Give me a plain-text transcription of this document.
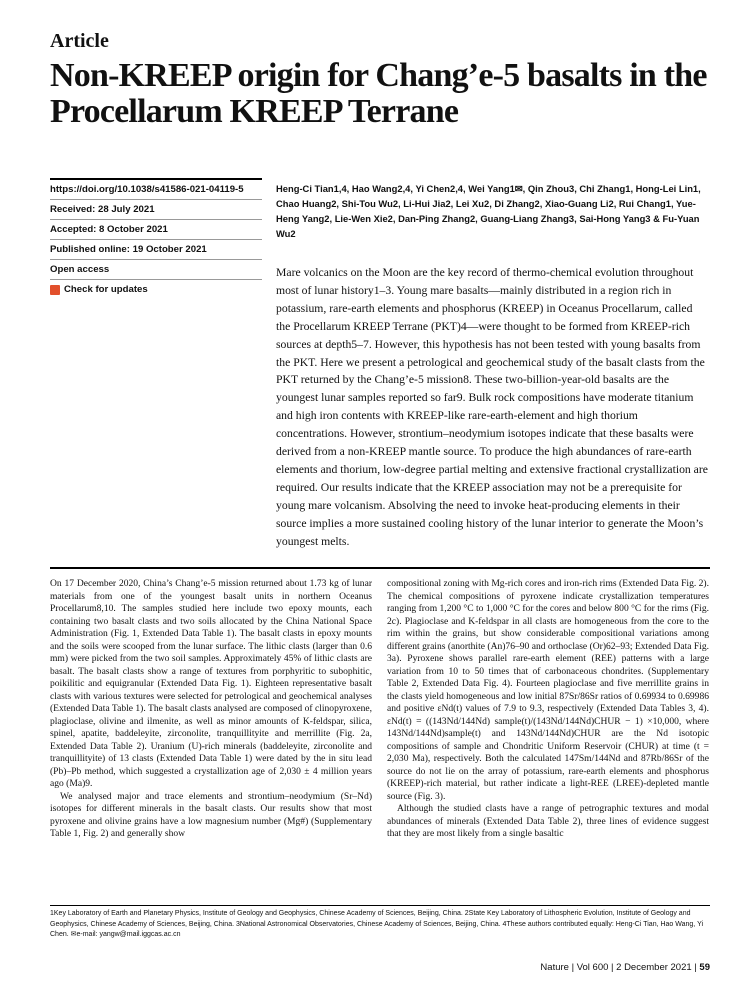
Article
Non-KREEP origin for Chang’e-5 basalts in the Procellarum KREEP Terrane
https://doi.org/10.1038/s41586-021-04119-5
Received: 28 July 2021
Accepted: 8 October 2021
Published online: 19 October 2021
Open access
Check for updates
Heng-Ci Tian1,4, Hao Wang2,4, Yi Chen2,4, Wei Yang1✉, Qin Zhou3, Chi Zhang1, Hong-Lei Lin1, Chao Huang2, Shi-Tou Wu2, Li-Hui Jia2, Lei Xu2, Di Zhang2, Xiao-Guang Li2, Rui Chang1, Yue-Heng Yang2, Lie-Wen Xie2, Dan-Ping Zhang2, Guang-Liang Zhang3, Sai-Hong Yang3 & Fu-Yuan Wu2
Mare volcanics on the Moon are the key record of thermo-chemical evolution throughout most of lunar history1–3. Young mare basalts—mainly distributed in a region rich in potassium, rare-earth elements and phosphorus (KREEP) in Oceanus Procellarum, called the Procellarum KREEP Terrane (PKT)4—were thought to be formed from KREEP-rich sources at depth5–7. However, this hypothesis has not been tested with young basalts from the PKT. Here we present a petrological and geochemical study of the basalt clasts from the PKT returned by the Chang’e-5 mission8. These two-billion-year-old basalts are the youngest lunar samples reported so far9. Bulk rock compositions have moderate titanium and high iron contents with KREEP-like rare-earth-element and high thorium concentrations. However, strontium–neodymium isotopes indicate that these basalts were derived from a non-KREEP mantle source. To produce the high abundances of rare-earth elements and thorium, low-degree partial melting and extensive fractional crystallization are required. Our results indicate that the KREEP association may not be a prerequisite for young mare volcanism. Absolving the need to invoke heat-producing elements in their source implies a more sustained cooling history of the lunar interior to generate the Moon’s youngest melts.

On 17 December 2020, China’s Chang’e-5 mission returned about 1.73 kg of lunar materials from one of the youngest basalt units in northern Oceanus Procellarum8,10. The samples studied here include two epoxy mounts, each containing two basalt clasts and two soils allocated by the China National Space Administration (Fig. 1, Extended Data Table 1). The basalt clasts in epoxy mounts and the soils were scooped from the lunar surface. The lithic clasts (larger than 0.6 mm) were picked from the two soil samples. Approximately 45% of lithic clasts are basalt. The basalt clasts show a range of textures from porphyritic to subophitic, poikilitic and equigranular (Extended Data Fig. 1). Eighteen representative basalt clasts with various textures were selected for petrological and geochemical analyses (Extended Data Table 1). The basalt clasts analysed are composed of clinopyroxene, plagioclase, olivine and ilmenite, as well as minor amounts of K-feldspar, silica, spinel, apatite, baddeleyite, zirconolite, tranquillityite and merrillite (Fig. 2a, Extended Data Table 2). Uranium (U)-rich minerals (baddeleyite, zirconolite and tranquillityite) of 13 clasts (Extended Data Table 1) were dated by the in situ lead (Pb)–Pb method, which suggested a crystallization age of 2,030 ± 4 million years ago (Ma)9.

We analysed major and trace elements and strontium–neodymium (Sr–Nd) isotopes for different minerals in the basalt clasts. Our results show that most pyroxene and olivine grains have a low magnesium number (Mg#) (Supplementary Table 1, Fig. 2) and generally show

compositional zoning with Mg-rich cores and iron-rich rims (Extended Data Fig. 2). The chemical compositions of pyroxene indicate crystallization temperatures ranging from 1,200 °C to 1,000 °C for the cores and below 800 °C for the rims (Fig. 2c). Plagioclase and K-feldspar in all clasts are homogeneous from the core to the rim within the grains, but show considerable compositional variations among different grains (anorthite (An)76–90 and orthoclase (Or)62–93; Extended Data Fig. 3a). Pyroxene shows parallel rare-earth element (REE) patterns with a large variation from 10 to 50 times that of carbonaceous chondrites. (Supplementary Table 2, Extended Data Fig. 4). Fourteen plagioclase and five merrillite grains in the clasts yield homogeneous and low initial 87Sr/86Sr ratios of 0.69934 to 0.69986 and positive εNd(t) values of 7.9 to 9.3, respectively (Extended Data Tables 3, 4). εNd(t) = ((143Nd/144Nd) sample(t)/(143Nd/144Nd)CHUR − 1) ×10,000, where 143Nd/144Nd)sample(t) and 143Nd/144Nd)CHUR are the Nd isotopic compositions of sample and Chondritic Uniform Reservoir (CHUR) at time (t = 2,030 Ma), respectively. Both the calculated 147Sm/144Nd and 87Rb/86Sr of the source do not lie on the array of potassium, rare-earth elements and phosphorus (KREEP)-rich material, but rather indicate a light-REE (LREE)-depleted mantle source (Fig. 3).

Although the studied clasts have a range of petrographic textures and modal abundances of minerals (Extended Data Table 2), three lines of evidence suggest that they are most likely from a single basaltic

1Key Laboratory of Earth and Planetary Physics, Institute of Geology and Geophysics, Chinese Academy of Sciences, Beijing, China. 2State Key Laboratory of Lithospheric Evolution, Institute of Geology and Geophysics, Chinese Academy of Sciences, Beijing, China. 3National Astronomical Observatories, Chinese Academy of Sciences, Beijing, China. 4These authors contributed equally: Heng-Ci Tian, Hao Wang, Yi Chen. ✉e-mail: yangw@mail.iggcas.ac.cn
Nature | Vol 600 | 2 December 2021 | 59
